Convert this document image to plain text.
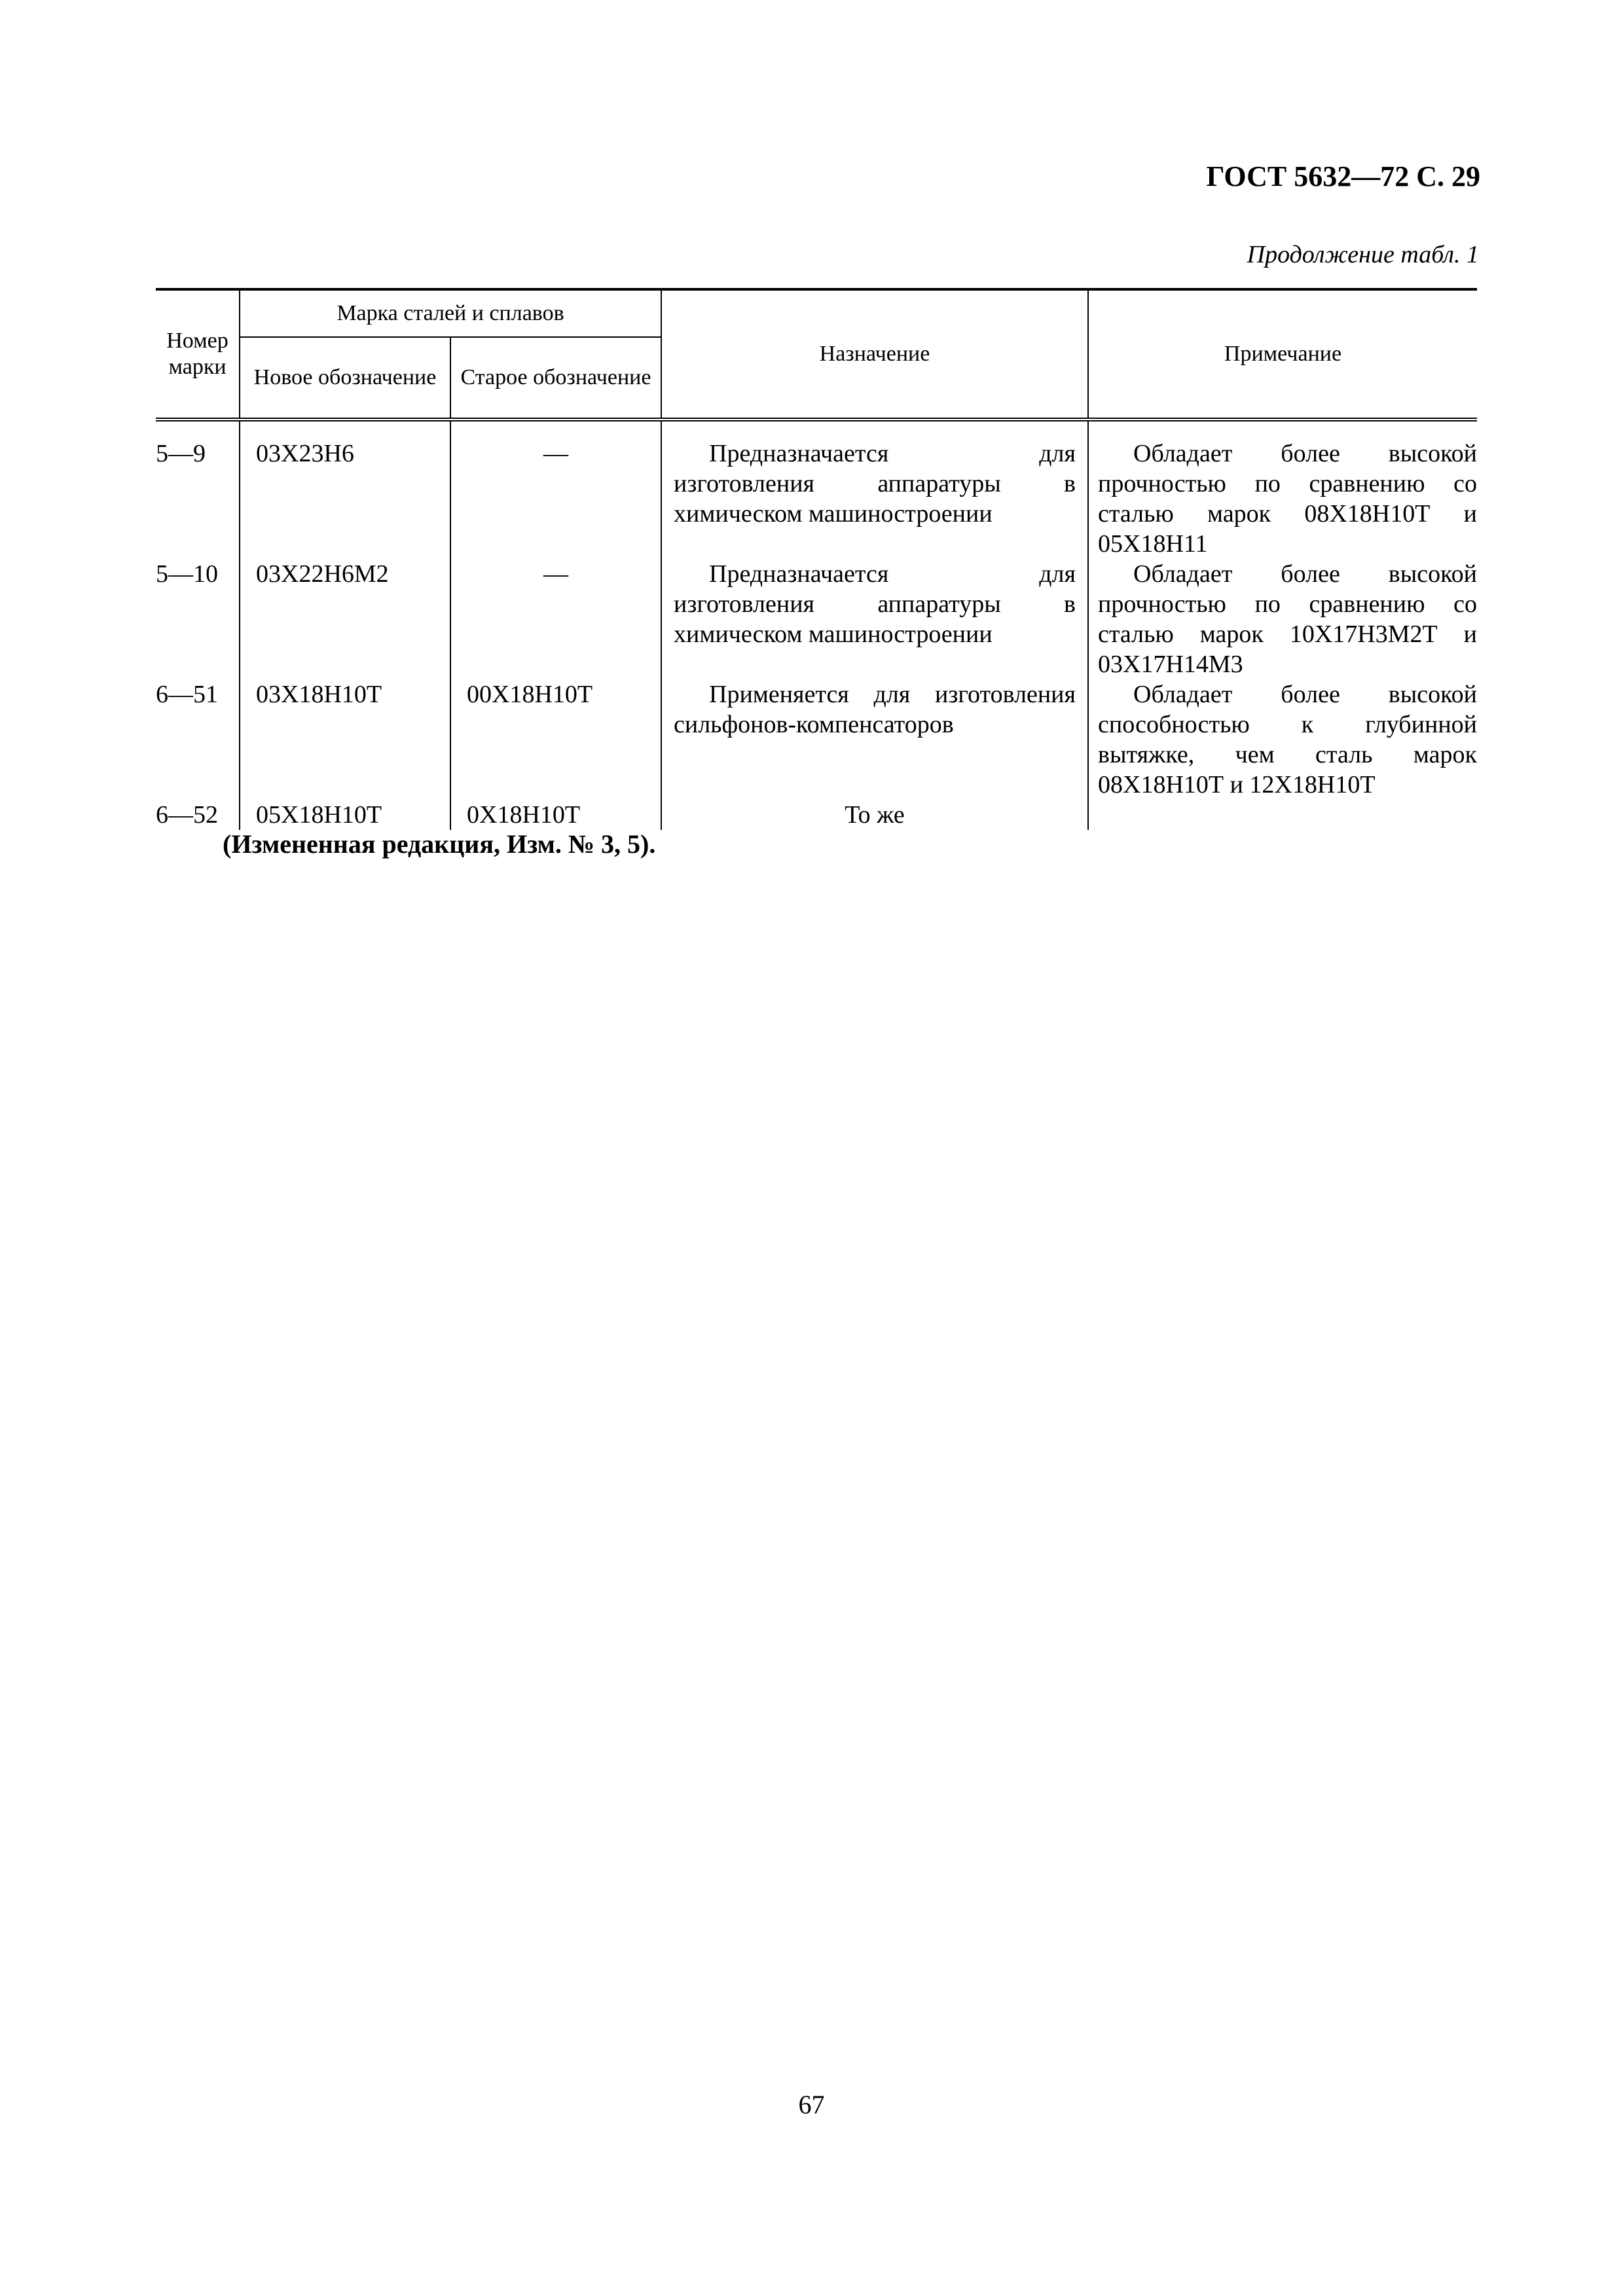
ГОСТ 5632—72 С. 29
Продолжение табл. 1
Номер марки	Марка сталей и сплавов		Назначение	Примечание
	Новое обозначение	Старое обозначение		
5—9	03Х23Н6	—	Предназначается для изготовления аппаратуры в химическом машиностроении	Обладает более высокой прочностью по сравнению со сталью марок 08Х18Н10Т и 05Х18Н11
5—10	03Х22Н6М2	—	Предназначается для изготовления аппаратуры в химическом машиностроении	Обладает более высокой прочностью по сравнению со сталью марок 10Х17Н3М2Т и 03Х17Н14М3
6—51	03Х18Н10Т	00Х18Н10Т	Применяется для изготовления сильфонов-компенсаторов	Обладает более высокой способностью к глубинной вытяжке, чем сталь марок 08Х18Н10Т и 12Х18Н10Т
6—52	05Х18Н10Т	0Х18Н10Т	То же	
(Измененная редакция, Изм. № 3, 5).
67
